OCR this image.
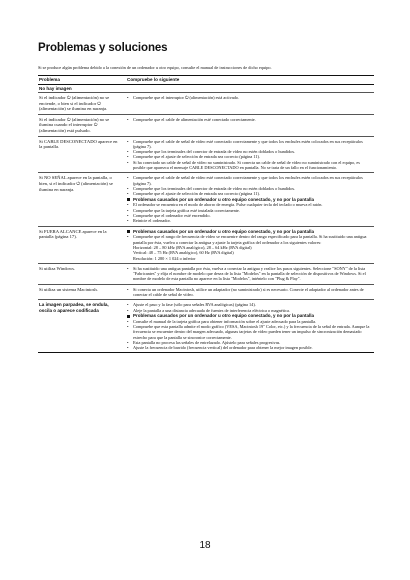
Problemas y soluciones
Si se produce algún problema debido a la conexión de un ordenador u otro equipo, consulte el manual de instrucciones de dicho equipo.
Problema	Compruebe lo siguiente
No hay imagen
Si el indicador ⏻ (alimentación) no se enciende, o bien si el indicador ⏻ (alimentación) se ilumina en naranja.
• Compruebe que el interruptor ⏻ (alimentación) está activado.
Si el indicador ⏻ (alimentación) no se ilumina cuando el interruptor ⏻ (alimentación) está pulsado.
• Compruebe que el cable de alimentación esté conectado correctamente.
Si CABLE DESCONECTADO aparece en la pantalla.
• Compruebe que el cable de señal de vídeo esté conectado correctamente y que todos los enchufes estén colocados en sus receptáculos (página 7).
• Compruebe que los terminales del conector de entrada de vídeo no estén doblados o hundidos.
• Compruebe que el ajuste de selección de entrada sea correcto (página 11).
• Si ha conectado un cable de señal de vídeo no suministrado. Si conecta un cable de señal de vídeo no suministrado con el equipo, es posible que aparezca el mensaje CABLE DESCONECTADO en pantalla. No se trata de un fallo en el funcionamiento.
Si NO SEÑAL aparece en la pantalla, o bien, si el indicador ⏻ (alimentación) se ilumina en naranja.
• Compruebe que el cable de señal de vídeo esté conectado correctamente y que todos los enchufes estén colocados en sus receptáculos (página 7).
• Compruebe que los terminales del conector de entrada de vídeo no estén doblados o hundidos.
• Compruebe que el ajuste de selección de entrada sea correcto (página 11).
Problemas causados por un ordenador u otro equipo conectado, y no por la pantalla
• El ordenador se encuentra en el modo de ahorro de energía. Pulse cualquier tecla del teclado o mueva el ratón.
• Compruebe que la tarjeta gráfica esté instalada correctamente.
• Compruebe que el ordenador esté encendido.
• Reinicie el ordenador.
Si FUERA ALCANCE aparece en la pantalla (página 17).
Problemas causados por un ordenador u otro equipo conectado, y no por la pantalla
• Compruebe que el rango de frecuencia de vídeo se encuentre dentro del rango especificado para la pantalla. Si ha sustituido una antigua pantalla por ésta, vuelva a conectar la antigua y ajuste la tarjeta gráfica del ordenador a los siguientes valores:
Horizontal: 28 – 80 kHz (RVA analógico), 28 – 64 kHz (RVA digital)
Vertical: 48 – 75 Hz (RVA analógico), 60 Hz (RVA digital)
Resolución: 1 280 × 1 024 o inferior
Si utiliza Windows.	• Si ha sustituido una antigua pantalla por ésta, vuelva a conectar la antigua y realice los pasos siguientes. Seleccione "SONY" de la lista "Fabricantes" y elija el nombre de modelo que desea de la lista "Modelos" en la pantalla de selección de dispositivos de Windows. Si el nombre de modelo de esta pantalla no aparece en la lista "Modelos", inténtelo con "Plug & Play".
Si utiliza un sistema Macintosh.	• Si conecta un ordenador Macintosh, utilice un adaptador (no suministrado) si es necesario. Conecte el adaptador al ordenador antes de conectar el cable de señal de vídeo.
La imagen parpadea, se ondula, oscila o aparece codificada
• Ajuste el paso y la fase (sólo para señales RVA analógicas) (página 14).
• Aleje la pantalla a una distancia adecuada de fuentes de interferencia eléctrica o magnética.
Problemas causados por un ordenador u otro equipo conectado, y no por la pantalla
• Consulte el manual de la tarjeta gráfica para obtener información sobre el ajuste adecuado para la pantalla.
• Compruebe que esta pantalla admite el modo gráfico (VESA, Macintosh 19" Color, etc.) y la frecuencia de la señal de entrada. Aunque la frecuencia se encuentre dentro del margen adecuado, algunas tarjetas de vídeo pueden tener un impulso de sincronización demasiado estrecho para que la pantalla se sincronice correctamente.
• Esta pantalla no procesa las señales de entrelazado. Ajústelo para señales progresivas.
• Ajuste la frecuencia de barrido (frecuencia vertical) del ordenador para obtener la mejor imagen posible.
18
